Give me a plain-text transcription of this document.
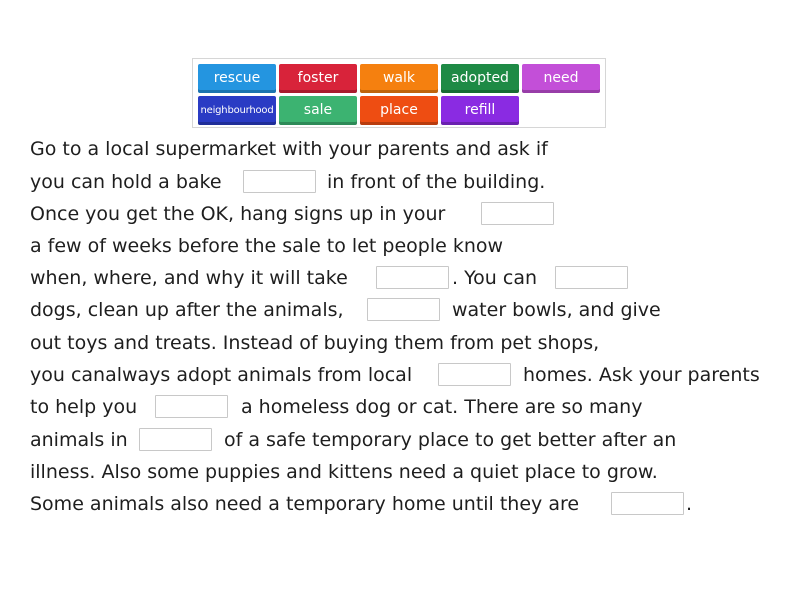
rescue	foster	walk	adopted	need
neighbourhood	sale	place	refill
Go to a local supermarket with your parents and ask if
you can hold a bake	in front of the building.
Once you get the OK, hang signs up in your
a few of weeks before the sale to let people know
when, where, and why it will take	. You can
dogs, clean up after the animals,	water bowls, and give
out toys and treats. Instead of buying them from pet shops,
you canalways adopt animals from local	homes. Ask your parents
to help you	a homeless dog or cat. There are so many
animals in	of a safe temporary place to get better after an
illness. Also some puppies and kittens need a quiet place to grow.
Some animals also need a temporary home until they are	.
